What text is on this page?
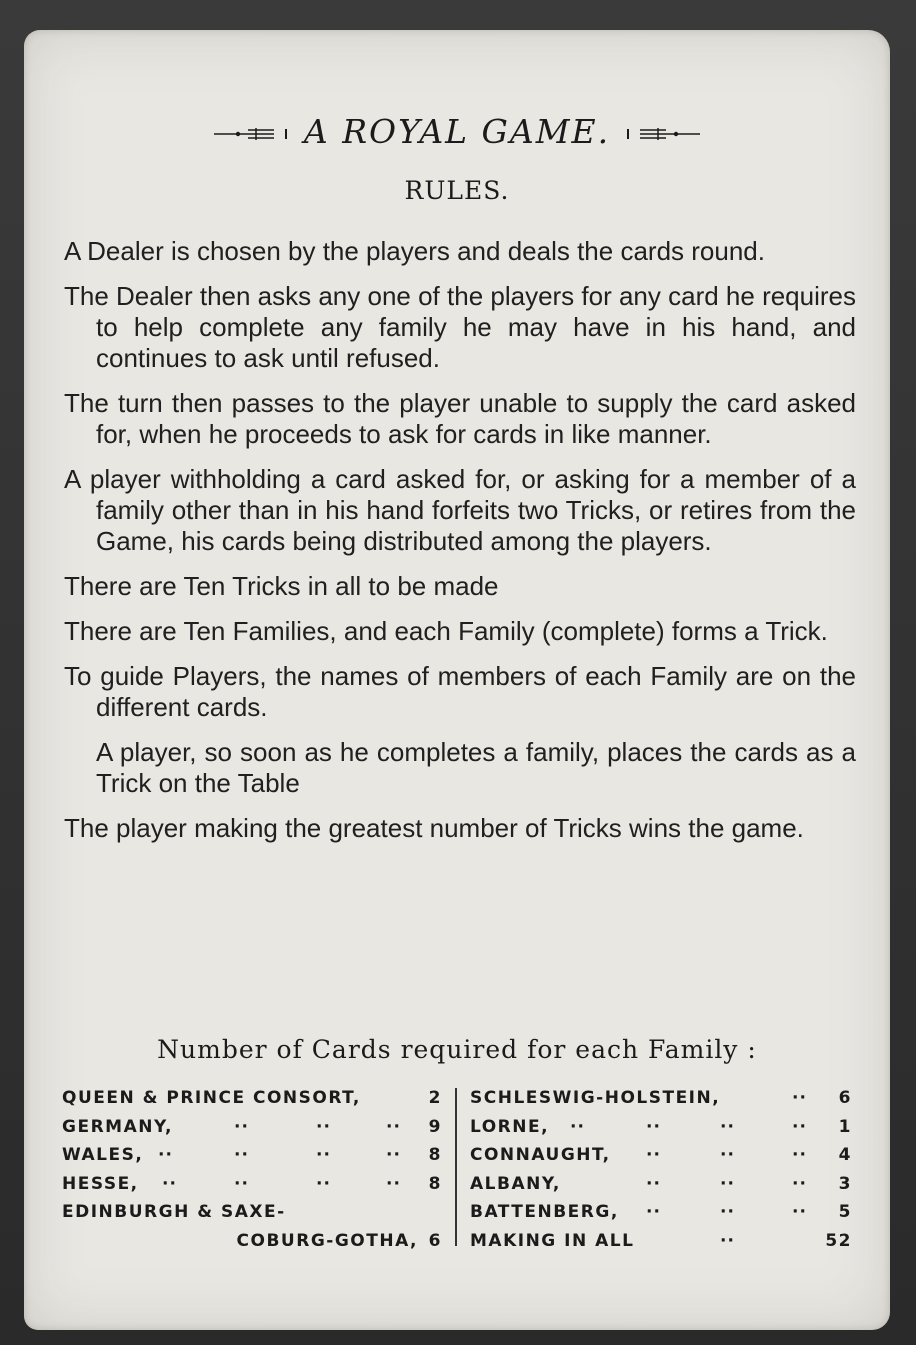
A ROYAL GAME.
RULES.

A Dealer is chosen by the players and deals the cards round.

The Dealer then asks any one of the players for any card he requires to help complete any family he may have in his hand, and continues to ask until refused.

The turn then passes to the player unable to supply the card asked for, when he proceeds to ask for cards in like manner.

A player withholding a card asked for, or asking for a member of a family other than in his hand forfeits two Tricks, or retires from the Game, his cards being distributed among the players.

There are Ten Tricks in all to be made

There are Ten Families, and each Family (complete) forms a Trick.

To guide Players, the names of members of each Family are on the different cards.

A player, so soon as he completes a family, places the cards as a Trick on the Table

The player making the greatest number of Tricks wins the game.

Number of Cards required for each Family :
QUEEN & PRINCE CONSORT,	2
GERMANY,	··	··	·· 9
WALES, ··	··	··	·· 8
HESSE, ··	··	··	·· 8
EDINBURGH & SAXE-
COBURG-GOTHA, 6
SCHLESWIG-HOLSTEIN,	·· 6
LORNE, ··	··	··	·· 1
CONNAUGHT, ··	··	·· 4
ALBANY,	··	··	·· 3
BATTENBERG, ··	··	·· 5
MAKING IN ALL	··	52
